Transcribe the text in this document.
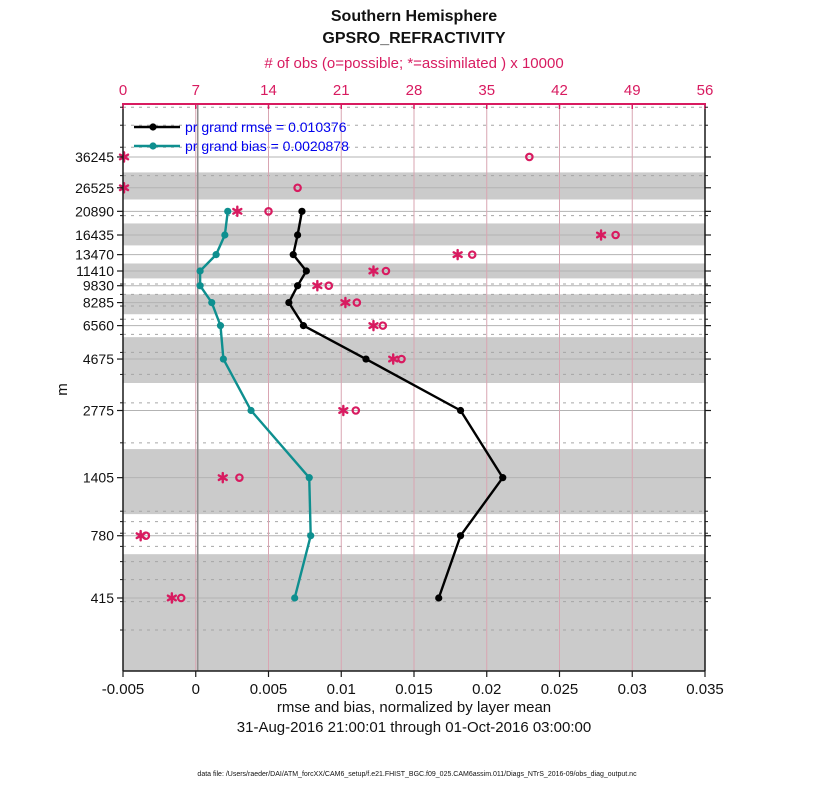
-0.005	0	0.005	0.01	0.015	0.02	0.025	0.03	0.035
0	7	14	21	28	35	42	49	56
36245
26525
20890
16435
13470
11410
9830
8285
6560
4675
2775
1405
780
415
Southern Hemisphere
GPSRO_REFRACTIVITY
# of obs (o=possible; *=assimilated ) x 10000
m
pr grand rmse = 0.010376
pr grand bias = 0.0020878
rmse and bias, normalized by layer mean
31-Aug-2016 21:00:01 through 01-Oct-2016 03:00:00
data file: /Users/raeder/DAI/ATM_forcXX/CAM6_setup/f.e21.FHIST_BGC.f09_025.CAM6assim.011/Diags_NTrS_2016-09/obs_diag_output.nc
